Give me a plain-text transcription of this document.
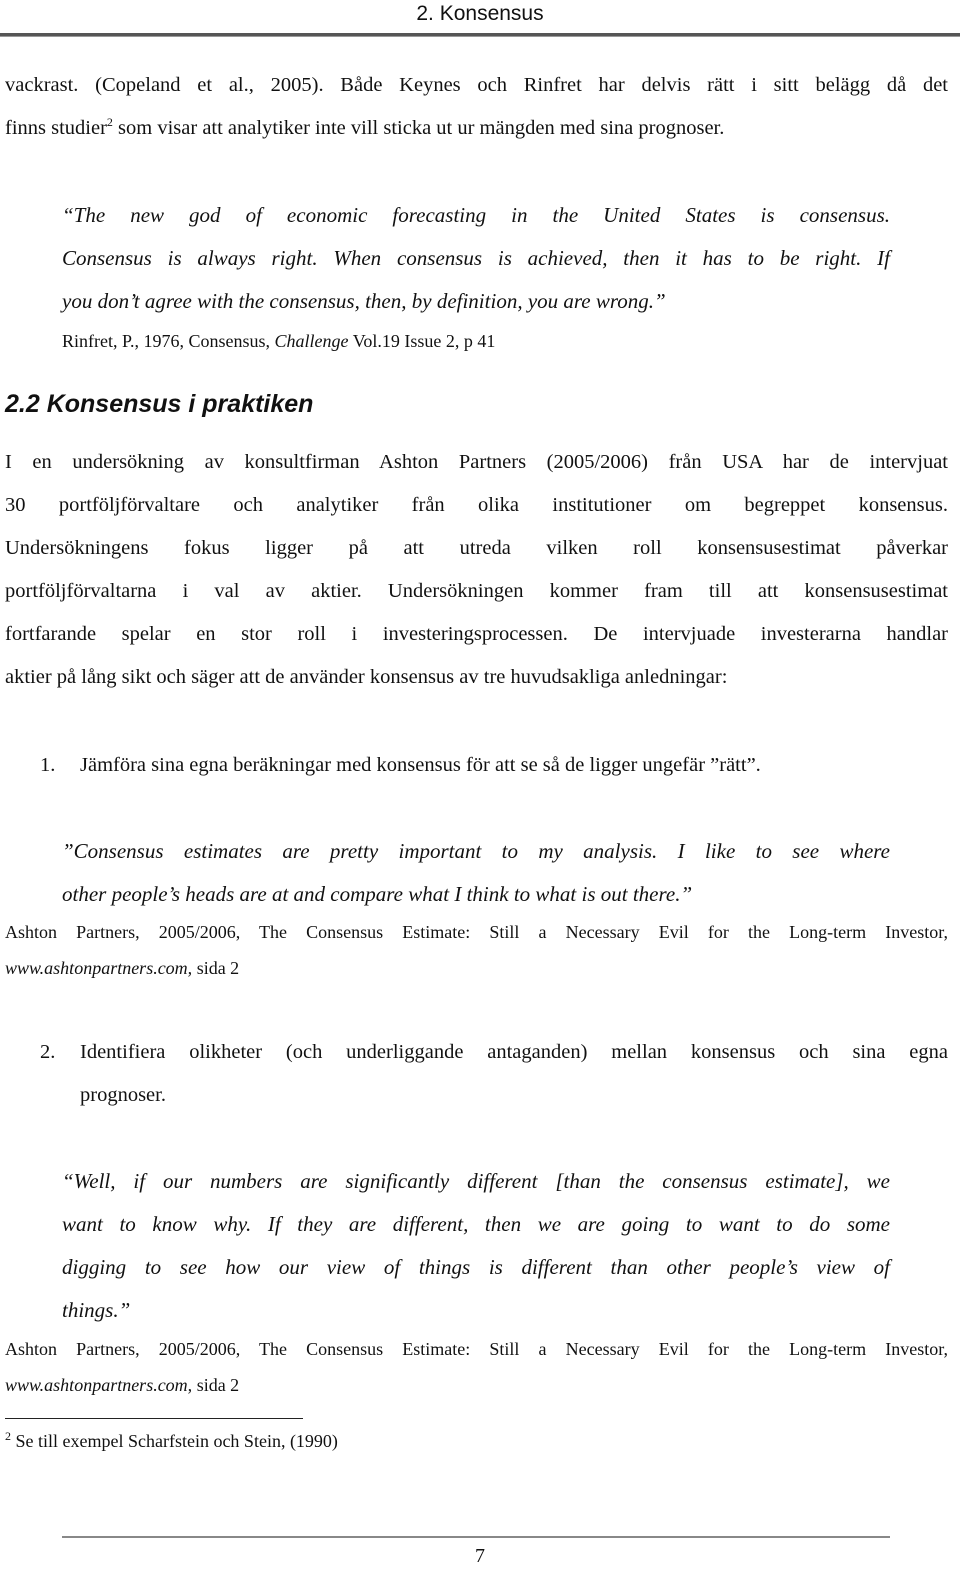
2. Konsensus
vackrast. (Copeland et al., 2005). Både Keynes och Rinfret har delvis rätt i sitt belägg då det
finns studier$^2$ som visar att analytiker inte vill sticka ut ur mängden med sina prognoser.
“The new god of economic forecasting in the United States is consensus.
Consensus is always right. When consensus is achieved, then it has to be right. If
you don’t agree with the consensus, then, by definition, you are wrong.”
Rinfret, P., 1976, Consensus, Challenge Vol.19 Issue 2, p 41
2.2 Konsensus i praktiken
I en undersökning av konsultfirman Ashton Partners (2005/2006) från USA har de intervjuat
30 portföljförvaltare och analytiker från olika institutioner om begreppet konsensus.
Undersökningens fokus ligger på att utreda vilken roll konsensusestimat påverkar
portföljförvaltarna i val av aktier. Undersökningen kommer fram till att konsensusestimat
fortfarande spelar en stor roll i investeringsprocessen. De intervjuade investerarna handlar
aktier på lång sikt och säger att de använder konsensus av tre huvudsakliga anledningar:
1. Jämföra sina egna beräkningar med konsensus för att se så de ligger ungefär ”rätt”.
”Consensus estimates are pretty important to my analysis. I like to see where
other people’s heads are at and compare what I think to what is out there.”
Ashton Partners, 2005/2006, The Consensus Estimate: Still a Necessary Evil for the Long-term Investor,
www.ashtonpartners.com, sida 2
2. Identifiera olikheter (och underliggande antaganden) mellan konsensus och sina egna
prognoser.
“Well, if our numbers are significantly different [than the consensus estimate], we
want to know why. If they are different, then we are going to want to do some
digging to see how our view of things is different than other people’s view of
things.”
Ashton Partners, 2005/2006, The Consensus Estimate: Still a Necessary Evil for the Long-term Investor,
www.ashtonpartners.com, sida 2
$^2$ Se till exempel Scharfstein och Stein, (1990)
7
